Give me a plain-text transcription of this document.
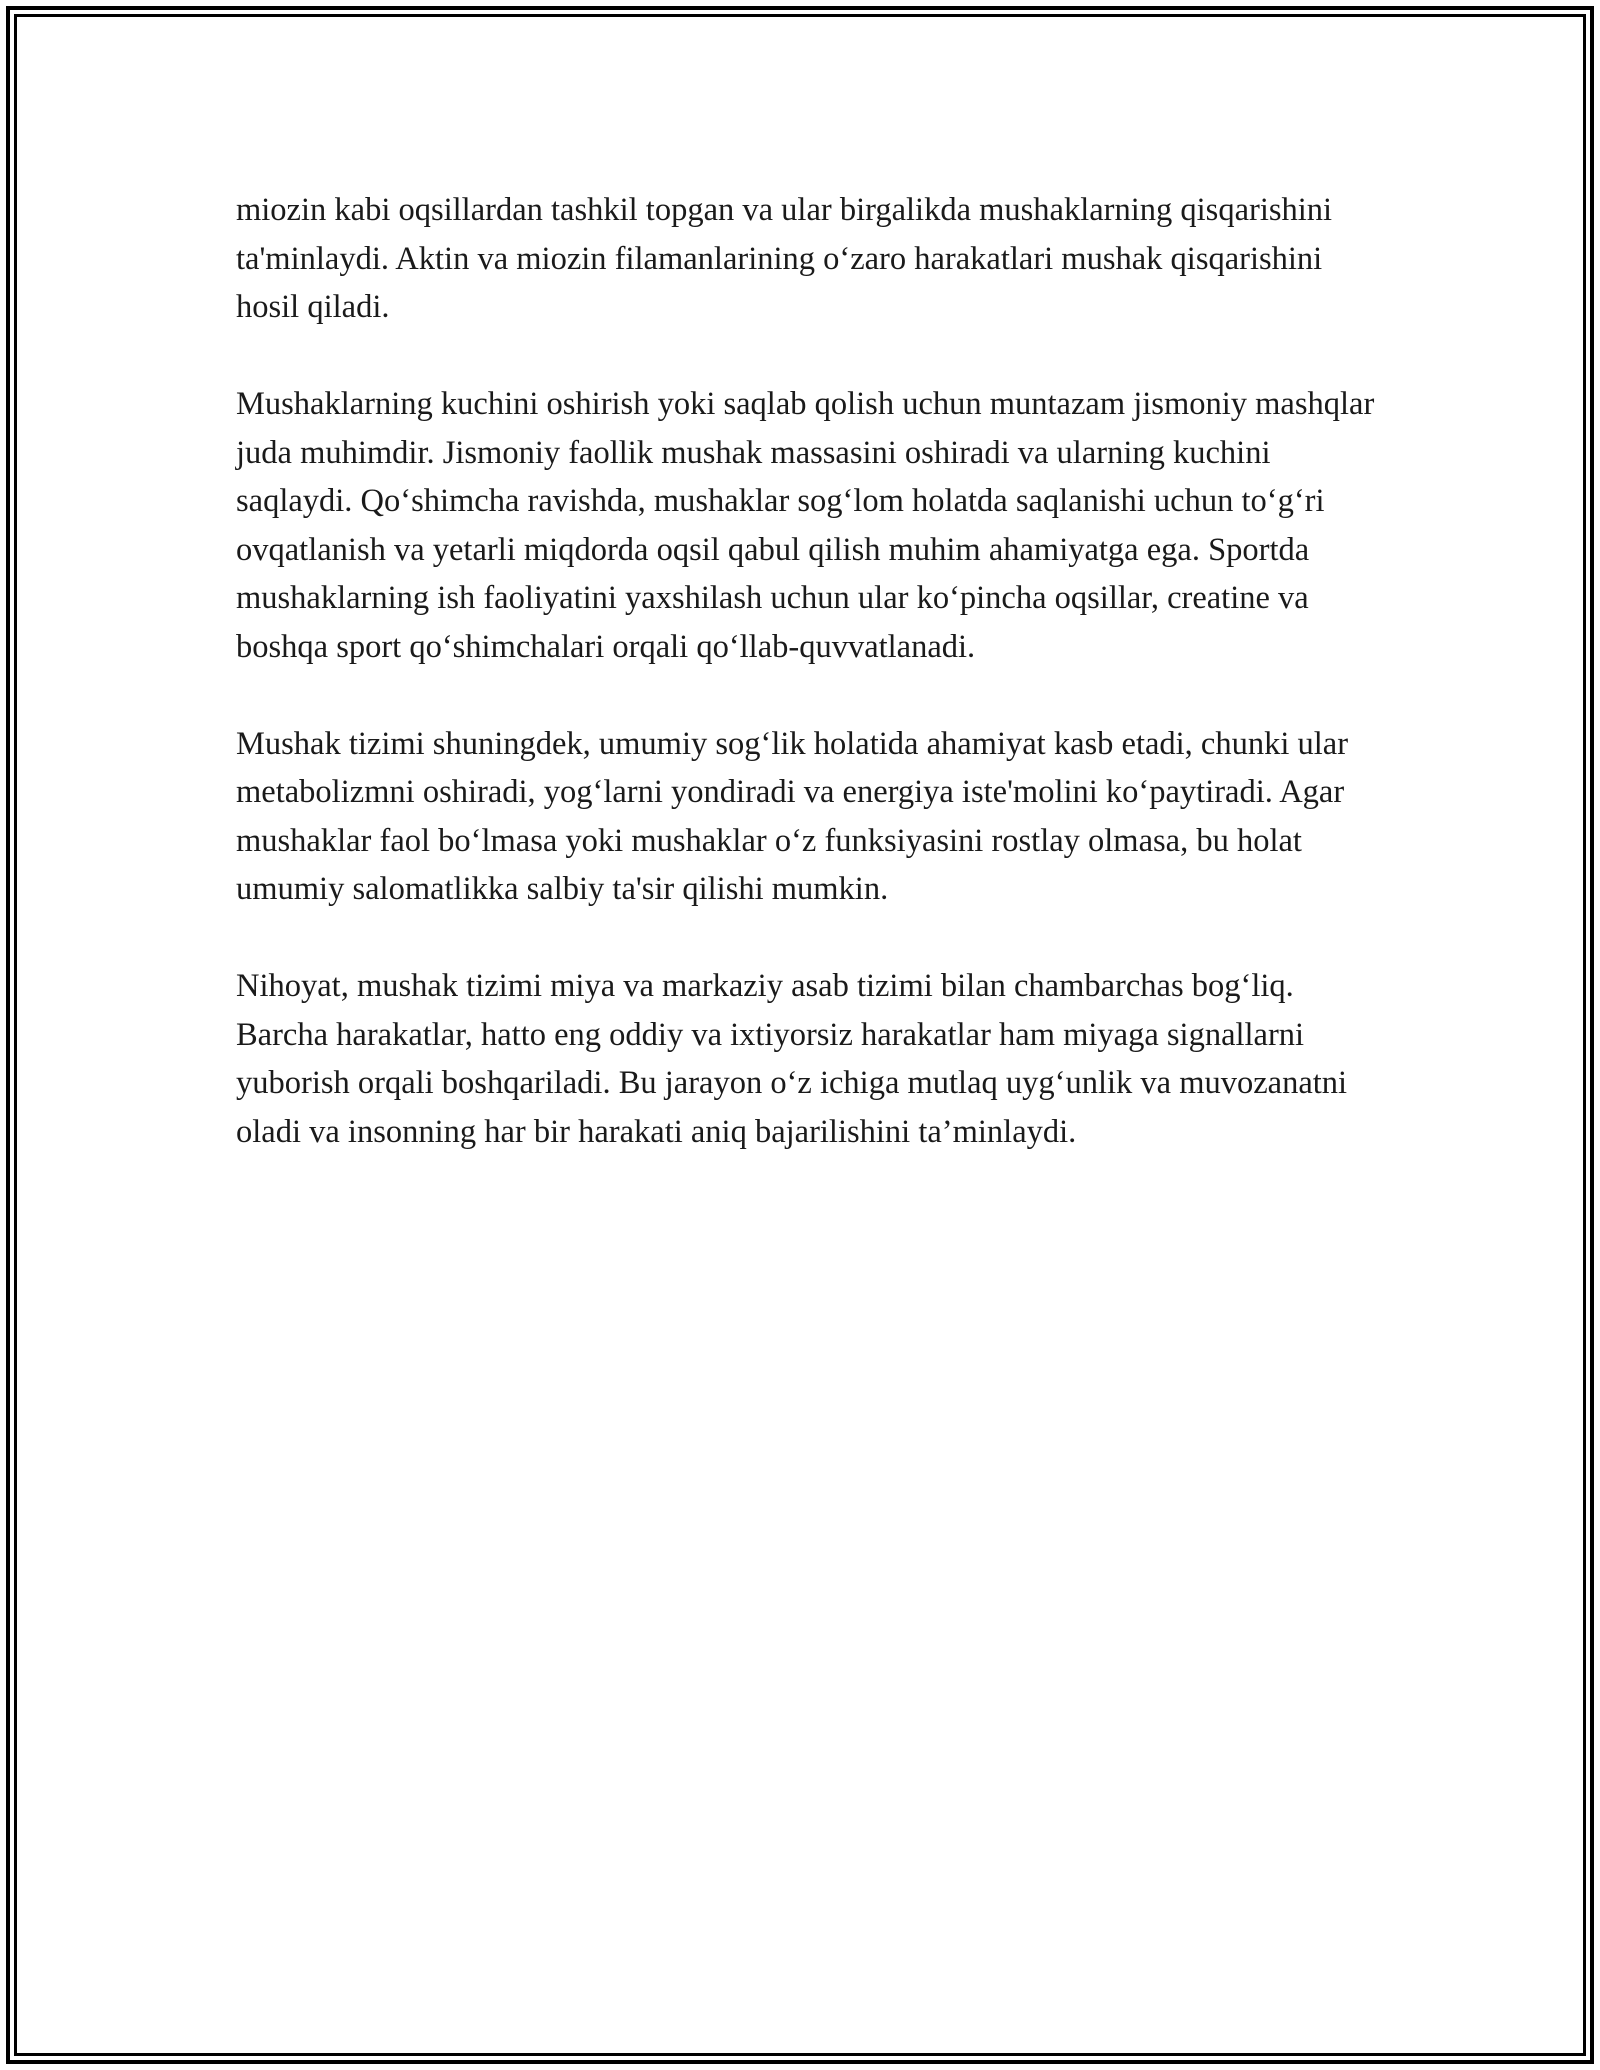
miozin kabi oqsillardan tashkil topgan va ular birgalikda mushaklarning qisqarishini ta'minlaydi. Aktin va miozin filamanlarining o‘zaro harakatlari mushak qisqarishini hosil qiladi.

Mushaklarning kuchini oshirish yoki saqlab qolish uchun muntazam jismoniy mashqlar juda muhimdir. Jismoniy faollik mushak massasini oshiradi va ularning kuchini saqlaydi. Qo‘shimcha ravishda, mushaklar sog‘lom holatda saqlanishi uchun to‘g‘ri ovqatlanish va yetarli miqdorda oqsil qabul qilish muhim ahamiyatga ega. Sportda mushaklarning ish faoliyatini yaxshilash uchun ular ko‘pincha oqsillar, creatine va boshqa sport qo‘shimchalari orqali qo‘llab-quvvatlanadi.

Mushak tizimi shuningdek, umumiy sog‘lik holatida ahamiyat kasb etadi, chunki ular metabolizmni oshiradi, yog‘larni yondiradi va energiya iste'molini ko‘paytiradi. Agar mushaklar faol bo‘lmasa yoki mushaklar o‘z funksiyasini rostlay olmasa, bu holat umumiy salomatlikka salbiy ta'sir qilishi mumkin.

Nihoyat, mushak tizimi miya va markaziy asab tizimi bilan chambarchas bog‘liq. Barcha harakatlar, hatto eng oddiy va ixtiyorsiz harakatlar ham miyaga signallarni yuborish orqali boshqariladi. Bu jarayon o‘z ichiga mutlaq uyg‘unlik va muvozanatni oladi va insonning har bir harakati aniq bajarilishini ta’minlaydi.
